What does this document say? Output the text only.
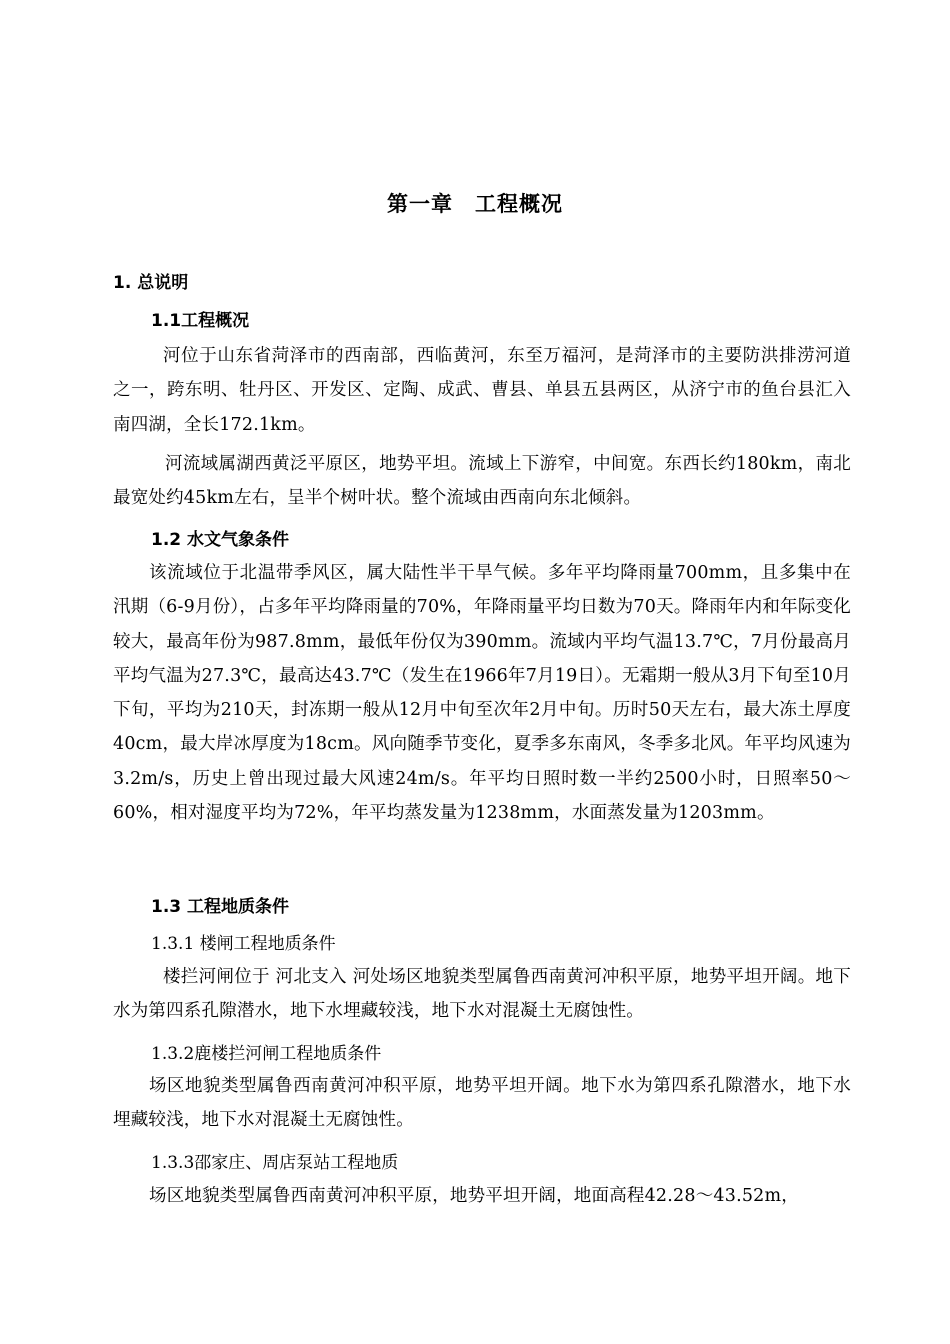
第一章　工程概况
1. 总说明
1.1工程概况
河位于山东省菏泽市的西南部，西临黄河，东至万福河，是菏泽市的主要防洪排涝河道之一，跨东明、牡丹区、开发区、定陶、成武、曹县、单县五县两区，从济宁市的鱼台县汇入南四湖，全长172.1km。
河流域属湖西黄泛平原区，地势平坦。流域上下游窄，中间宽。东西长约180km，南北最宽处约45km左右，呈半个树叶状。整个流域由西南向东北倾斜。
1.2 水文气象条件
该流域位于北温带季风区，属大陆性半干旱气候。多年平均降雨量700mm，且多集中在汛期（6-9月份），占多年平均降雨量的70%，年降雨量平均日数为70天。降雨年内和年际变化较大，最高年份为987.8mm，最低年份仅为390mm。流域内平均气温13.7℃，7月份最高月平均气温为27.3℃，最高达43.7℃（发生在1966年7月19日）。无霜期一般从3月下旬至10月下旬，平均为210天，封冻期一般从12月中旬至次年2月中旬。历时50天左右，最大冻土厚度40cm，最大岸冰厚度为18cm。风向随季节变化，夏季多东南风，冬季多北风。年平均风速为3.2m/s，历史上曾出现过最大风速24m/s。年平均日照时数一半约2500小时，日照率50～60%，相对湿度平均为72%，年平均蒸发量为1238mm，水面蒸发量为1203mm。
1.3 工程地质条件
1.3.1 楼闸工程地质条件
楼拦河闸位于 河北支入 河处场区地貌类型属鲁西南黄河冲积平原，地势平坦开阔。地下水为第四系孔隙潜水，地下水埋藏较浅，地下水对混凝土无腐蚀性。
1.3.2鹿楼拦河闸工程地质条件
场区地貌类型属鲁西南黄河冲积平原，地势平坦开阔。地下水为第四系孔隙潜水，地下水埋藏较浅，地下水对混凝土无腐蚀性。
1.3.3邵家庄、周店泵站工程地质
场区地貌类型属鲁西南黄河冲积平原，地势平坦开阔，地面高程42.28～43.52m，
